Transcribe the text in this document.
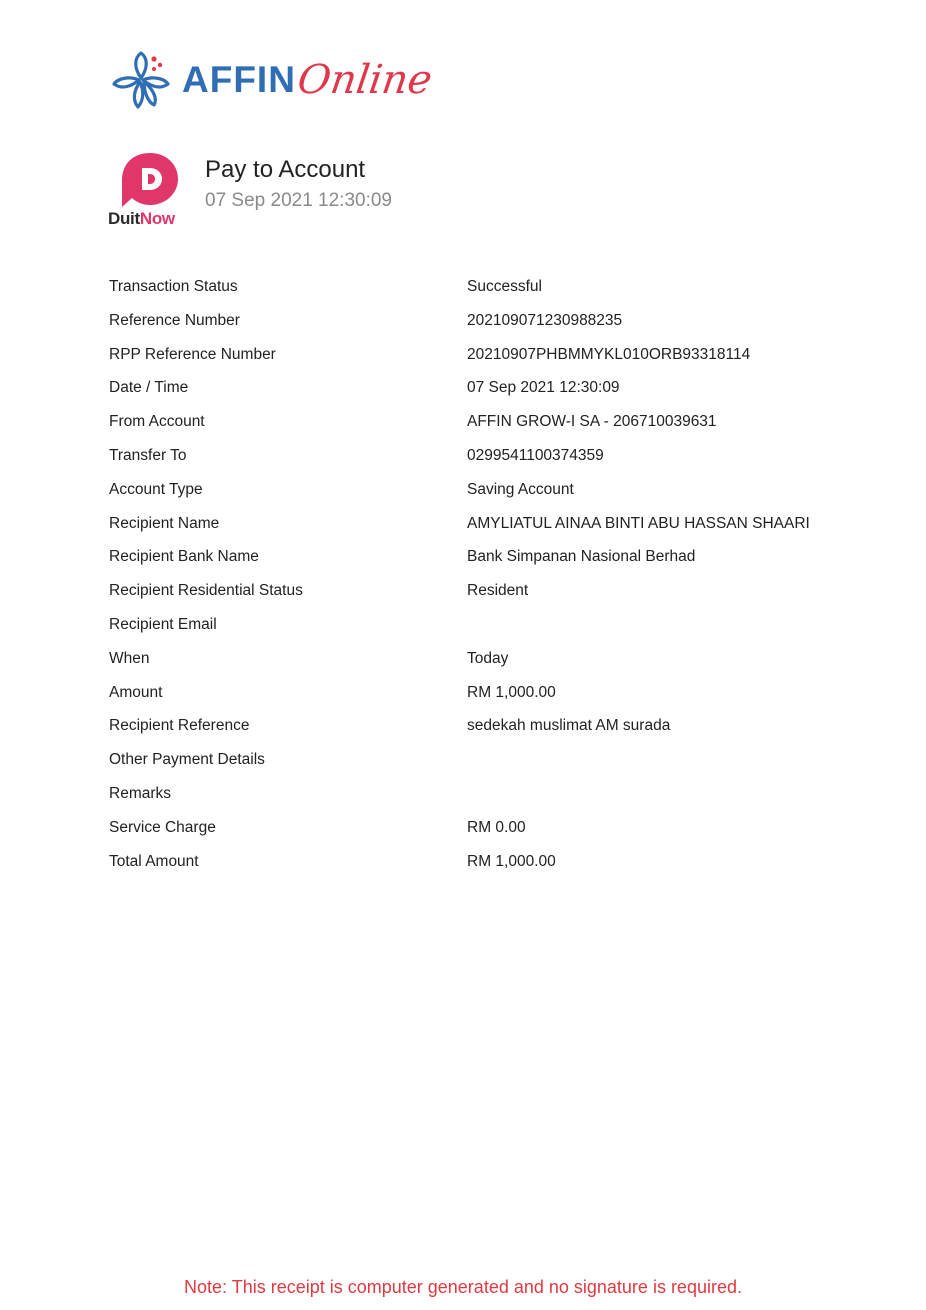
AFFIN
Online
DuitNow
Pay to Account
07 Sep 2021 12:30:09
Transaction Status	Successful
Reference Number	202109071230988235
RPP Reference Number	20210907PHBMMYKL010ORB93318114
Date / Time	07 Sep 2021 12:30:09
From Account	AFFIN GROW-I SA - 206710039631
Transfer To	0299541100374359
Account Type	Saving Account
Recipient Name	AMYLIATUL AINAA BINTI ABU HASSAN SHAARI
Recipient Bank Name	Bank Simpanan Nasional Berhad
Recipient Residential Status	Resident
Recipient Email
When	Today
Amount	RM 1,000.00
Recipient Reference	sedekah muslimat AM surada
Other Payment Details
Remarks
Service Charge	RM 0.00
Total Amount	RM 1,000.00
Note: This receipt is computer generated and no signature is required.
